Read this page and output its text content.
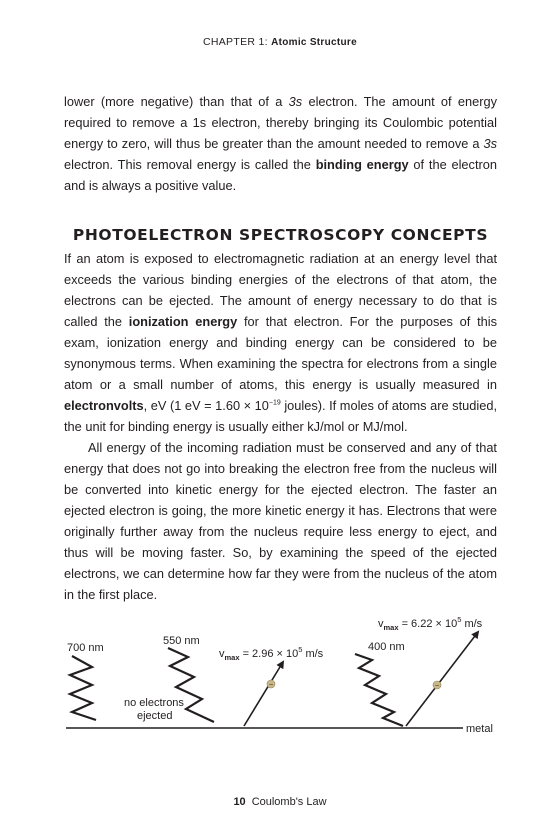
CHAPTER 1: Atomic Structure

lower (more negative) than that of a 3s electron. The amount of energy required to remove a 1s electron, thereby bringing its Coulombic potential energy to zero, will thus be greater than the amount needed to remove a 3s electron. This removal energy is called the binding energy of the electron and is always a positive value.

PHOTOELECTRON SPECTROSCOPY CONCEPTS

If an atom is exposed to electromagnetic radiation at an energy level that exceeds the various binding energies of the electrons of that atom, the electrons can be ejected. The amount of energy necessary to do that is called the ionization energy for that electron. For the purposes of this exam, ionization energy and binding energy can be considered to be synonymous terms. When examining the spectra for electrons from a single atom or a small number of atoms, this energy is usually measured in electronvolts, eV (1 eV = $1.60 \times 10^{-19}$ joules). If moles of atoms are studied, the unit for binding energy is usually either kJ/mol or MJ/mol.

All energy of the incoming radiation must be conserved and any of that energy that does not go into breaking the electron free from the nucleus will be converted into kinetic energy for the ejected electron. The faster an ejected electron is going, the more kinetic energy it has. Electrons that were originally further away from the nucleus require less energy to eject, and thus will be moving faster. So, by examining the speed of the ejected electrons, we can determine how far they were from the nucleus of the atom in the first place.

metal
700 nm
no electrons
ejected
550 nm
−
$v_{max} = 2.96 \times 10^5$ m/s
400 nm
−
$v_{max} = 6.22 \times 10^5$ m/s
10 Coulomb's Law
